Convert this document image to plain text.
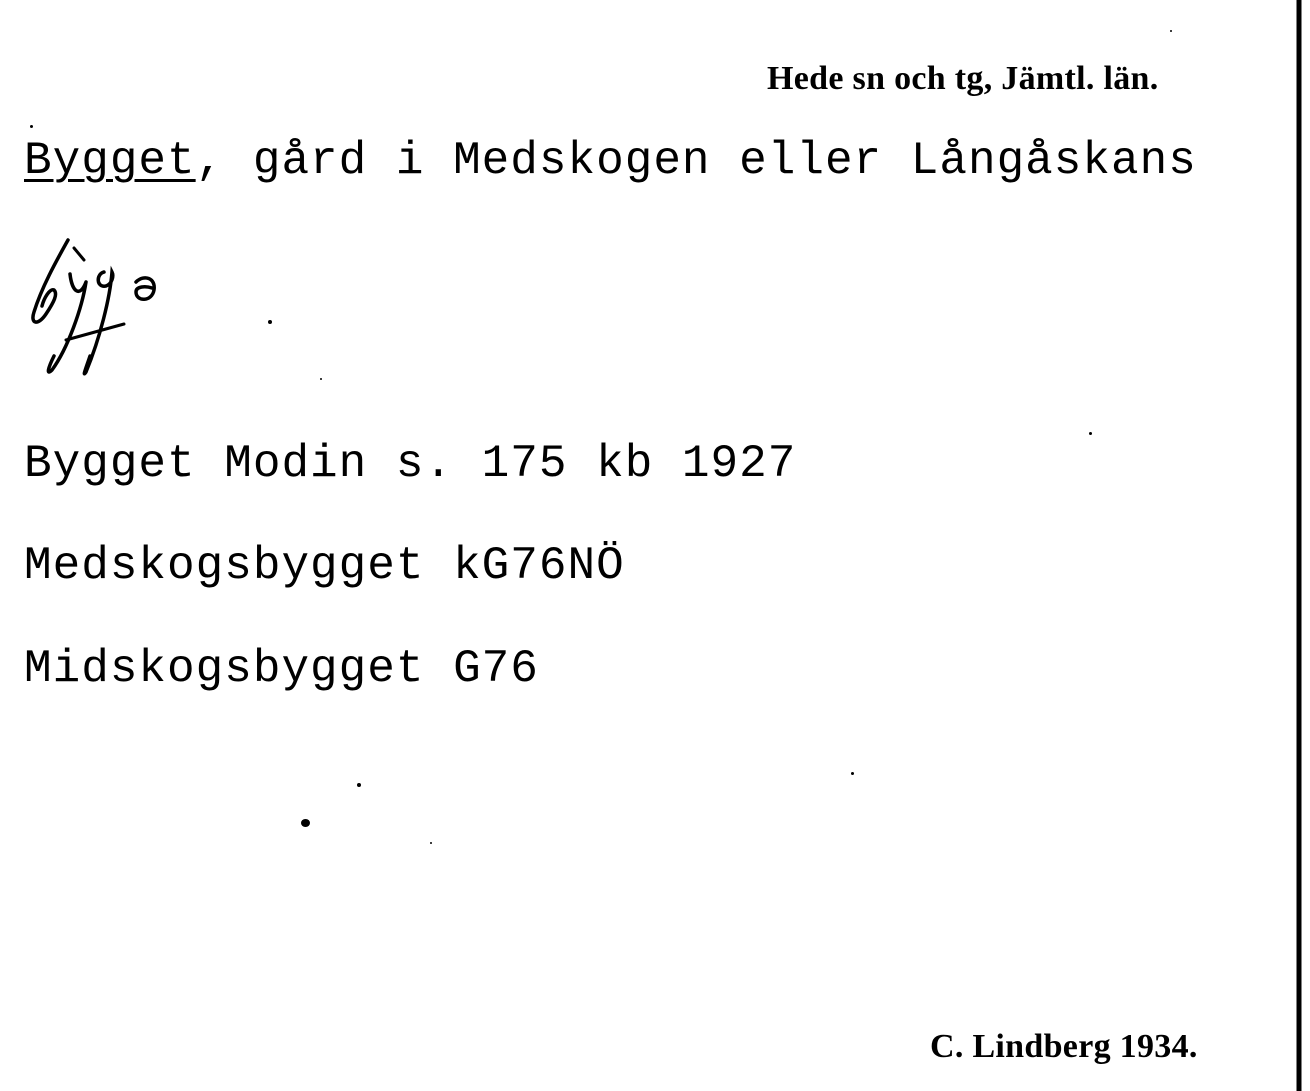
Hede sn och tg, Jämtl. län.
Bygget, gård i Medskogen eller Långåskans
Bygget Modin s. 175 kb 1927
Medskogsbygget kG76NÖ
Midskogsbygget G76
C. Lindberg 1934.
